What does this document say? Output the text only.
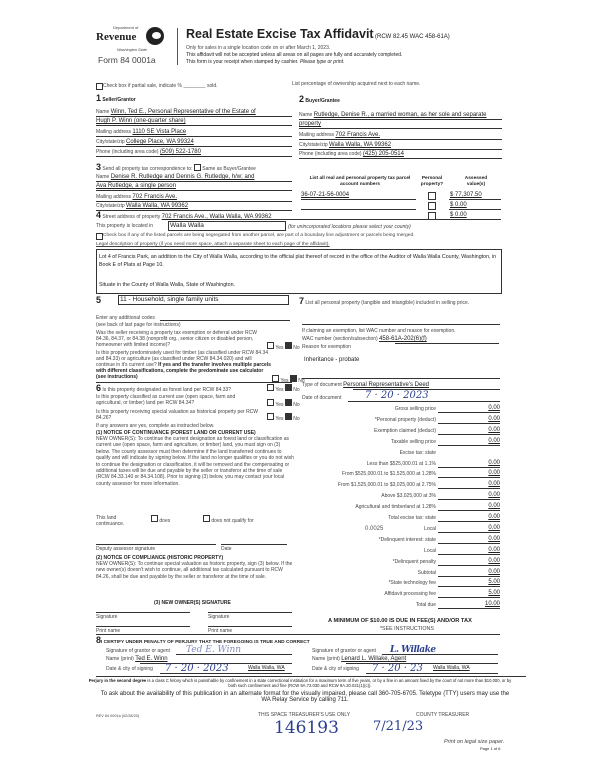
Department of
Revenue
Washington State
Form 84 0001a
Real Estate Excise Tax Affidavit (RCW 82.45 WAC 458-61A)
Only for sales in a single location code on or after March 1, 2023.
This affidavit will not be accepted unless all areas on all pages are fully and accurately completed.
This form is your receipt when stamped by cashier. Please type or print.
Check box if partial sale, indicate % ________ sold.	List percentage of ownership acquired next to each name.
1 Seller/Grantor
Name Winn, Ted E., Personal Representative of the Estate of
Hugh P. Winn (one-quarter share)
Mailing address 1110 SE Vista Place
City/state/zip College Place, WA 99324
Phone (including area code) (509) 522-1780
2 Buyer/Grantee
Name Rutledge, Denise R., a married woman, as her sole and separate
property
Mailing address 702 Francis Ave.
City/state/zip Walla Walla, WA 99362
Phone (including area code) (425) 205-0514
3 Send all property tax correspondence to: Same as Buyer/Grantee
Name Denise R. Rutledge and Dennis G. Rutledge, h/w; and
Ava Rutledge, a single person
Mailing address 702 Francis Ave.
City/state/zip Walla Walla, WA 99362
List all real and personal property tax parcel account numbers
Personal property?
Assessed value(s)
36-07-21-56-0004	$ 77,307.50
$ 0.00
$ 0.00
4 Street address of property 702 Francis Ave., Walla Walla, WA 99362
This property is located in	Walla Walla	(for unincorporated locations please select your county)
Check box if any of the listed parcels are being segregated from another parcel, are part of a boundary line adjustment or parcels being merged.
Legal description of property (if you need more space, attach a separate sheet to each page of the affidavit).
Lot 4 of Francis Park, an addition to the City of Walla Walla, according to the official plat thereof of record in the office of the Auditor of Walla Walla County, Washington, in Book E of Plats at Page 10.
Situate in the County of Walla Walla, State of Washington.
5	11 - Household, single family units
Enter any additional codes
(see back of last page for instructions)
Was the seller receiving a property tax exemption or deferral under RCW 84.36, 84.37, or 84.38 (nonprofit org., senior citizen or disabled person, homeowner with limited income)?	Yes No
Is this property predominately used for timber (as classified under RCW 84.34 and 84.33) or agriculture (as classified under RCW 84.34.020) and will continue in it's current use? If yes and the transfer involves multiple parcels with different classifications, complete the predominate use calculator (see instructions)
Yes No
6 Is this property designated as forest land per RCW 84.33?	Yes No
Is this property classified as current use (open space, farm and agricultural, or timber) land per RCW 84.34?	Yes No
Is this property receiving special valuation as historical property per RCW 84.26?	Yes No
If any answers are yes, complete as instructed below.
(1) NOTICE OF CONTINUANCE (FOREST LAND OR CURRENT USE)
NEW OWNER(S): To continue the current designation as forest land or classification as current use (open space, farm and agriculture, or timber) land, you must sign on (3) below. The county assessor must then determine if the land transferred continues to qualify and will indicate by signing below. If the land no longer qualifies or you do not wish to continue the designation or classification, it will be removed and the compensating or additional taxes will be due and payable by the seller or transferor at the time of sale (RCW 84.33.140 or 84.34.108). Prior to signing (3) below, you may contact your local county assessor for more information.
This land
continuance.	does	does not qualify for
Deputy assessor signature	Date
(2) NOTICE OF COMPLIANCE (HISTORIC PROPERTY)
NEW OWNER(S): To continue special valuation as historic property, sign (3) below. If the new owner(s) doesn't wish to continue, all additional tax calculated pursuant to RCW 84.26, shall be due and payable by the seller or transferor at the time of sale.
(3) NEW OWNER(S) SIGNATURE
Signature	Signature
Print name	Print name
7 List all personal property (tangible and intangible) included in selling price.
If claiming an exemption, list WAC number and reason for exemption.
WAC number (section/subsection) 458-61A-202(6)(f)
Reason for exemption
Inheritance - probate
Type of document Personal Representative's Deed
Date of document 7 · 20 · 2023
Gross selling price	0.00
*Personal property (deduct)	0.00
Exemption claimed (deduct)	0.00
Taxable selling price	0.00
Excise tax: state
Less than $525,000.01 at 1.1%	0.00
From $525,000.01 to $1,525,000 at 1.28%	0.00
From $1,525,000.01 to $3,025,000 at 2.75%	0.00
Above $3,025,000 at 3%	0.00
Agricultural and timberland at 1.28%	0.00
Total excise tax: state	0.00
Local	0.00
0.0025
*Delinquent interest: state	0.00
Local	0.00
*Delinquent penalty	0.00
Subtotal	0.00
*State technology fee	5.00
Affidavit processing fee	5.00
Total due	10.00
A MINIMUM OF $10.00 IS DUE IN FEE(S) AND/OR TAX
*SEE INSTRUCTIONS
8I CERTIFY UNDER PENALTY OF PERJURY THAT THE FOREGOING IS TRUE AND CORRECT
Signature of grantor or agent Ted E. Winn
Name (print) Ted E. Winn
Date & city of signing 7 · 20 · 2023	Walla Walla, WA
Signature of grantor or agent L. Willake
Name (print) Lenard L. Willake, Agent
Date & city of signing 7 · 20 · 23 Walla Walla, WA
Perjury in the second degree is a class C felony which is punishable by confinement in a state correctional institution for a maximum term of five years, or by a fine in an amount fixed by the court of not more than $10,000, or by both such confinement and fine (RCW 9A.72.030 and RCW 9A.20.021(1)(c)).
To ask about the availability of this publication in an alternate format for the visually impaired, please call 360-705-6705. Teletype (TTY) users may use the WA Relay Service by calling 711.
REV 84 0001a (02/28/23)	THIS SPACE TREASURER'S USE ONLY	COUNTY TREASURER
146193	7/21/23
Print on legal size paper.
Page 1 of 6
